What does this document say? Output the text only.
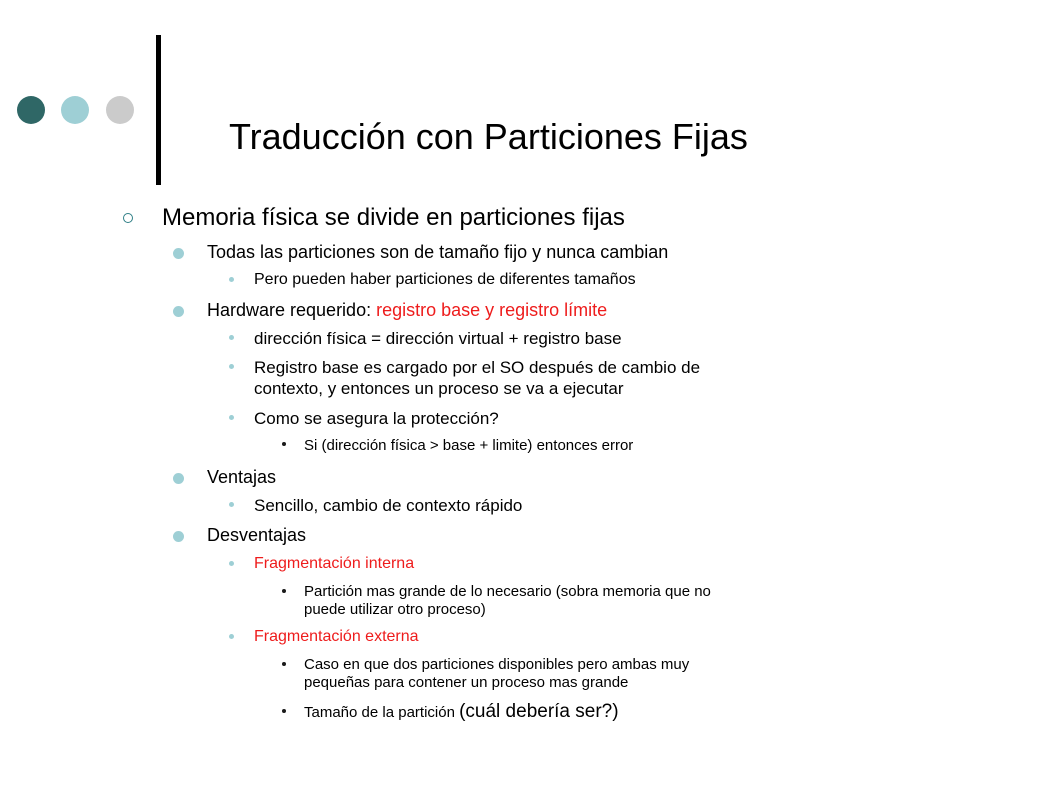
Traducción con Particiones Fijas
Memoria física se divide en particiones fijas
Todas las particiones son de tamaño fijo y nunca cambian
Pero pueden haber particiones de diferentes tamaños
Hardware requerido: registro base y registro límite
dirección física = dirección virtual + registro base
Registro base es cargado por el SO después de cambio de
contexto, y entonces un proceso se va a ejecutar
Como se asegura la protección?
Si (dirección física > base + limite) entonces error
Ventajas
Sencillo, cambio de contexto rápido
Desventajas
Fragmentación interna
Partición mas grande de lo necesario (sobra memoria que no
puede utilizar otro proceso)
Fragmentación externa
Caso en que dos particiones disponibles pero ambas muy
pequeñas para contener un proceso mas grande
Tamaño de la partición (cuál debería ser?)
